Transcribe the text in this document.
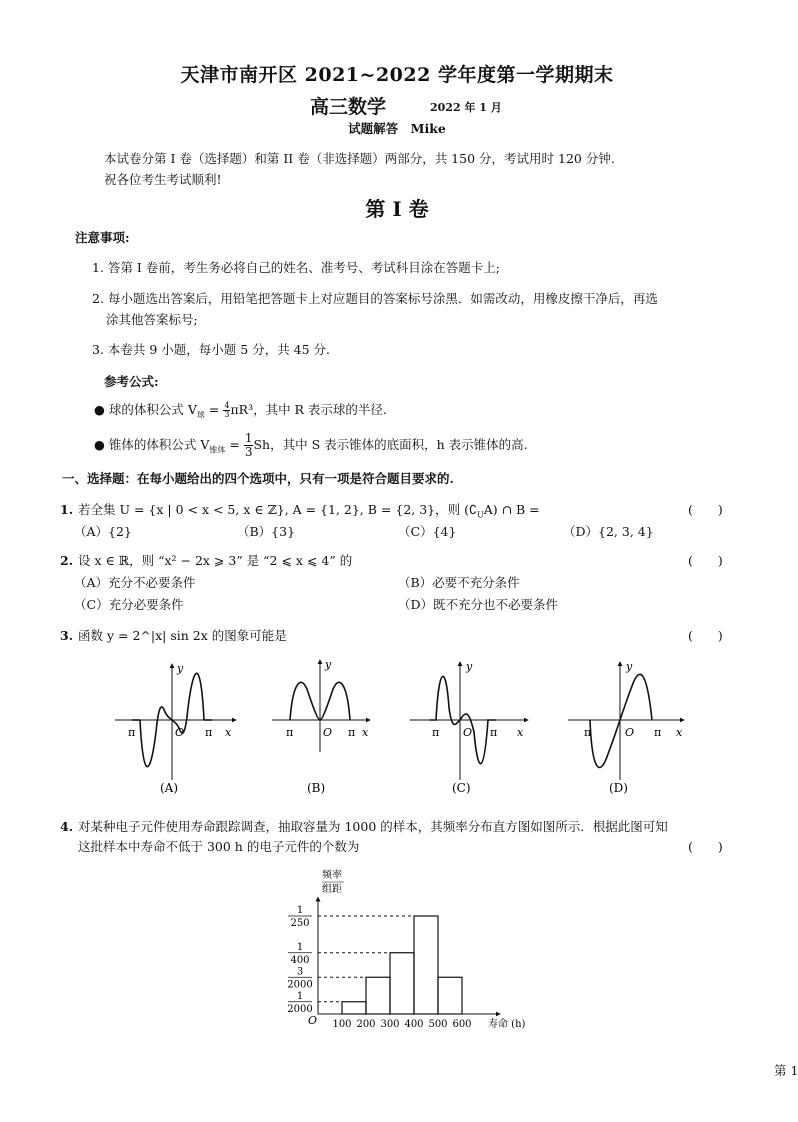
天津市南开区 2021~2022 学年度第一学期期末
高三数学	2022 年 1 月
试题解答　Mike
本试卷分第 I 卷（选择题）和第 II 卷（非选择题）两部分，共 150 分，考试用时 120 分钟.
祝各位考生考试顺利!
第 I 卷
注意事项:
1. 答第 I 卷前，考生务必将自己的姓名、准考号、考试科目涂在答题卡上;
2. 每小题选出答案后，用铅笔把答题卡上对应题目的答案标号涂黑．如需改动，用橡皮擦干净后，再选
涂其他答案标号;
3. 本卷共 9 小题，每小题 5 分，共 45 分.
参考公式:
● 球的体积公式 $V_球 = \frac{4}{3} \pi R^3$，其中 R 表示球的半径.
● 锥体的体积公式 $V_{锥体} = \frac{1}{3}$ Sh，其中 S 表示锥体的底面积，h 表示锥体的高.
一、选择题：在每小题给出的四个选项中，只有一项是符合题目要求的.
1. 若全集 U = {x | 0 < x < 5, x ∈ ℤ}, A = {1, 2}, B = {2, 3}，则 $(∁_UA)$ ∩ B =	(　　)
（A）{2}	（B）{3}	（C）{4}	（D）{2, 3, 4}
2. 设 x ∈ ℝ，则 “x² − 2x ⩾ 3” 是 “2 ⩽ x ⩽ 4” 的	(　　)
（A）充分不必要条件	（B）必要不充分条件
（C）充分必要条件	（D）既不充分也不必要条件
3. 函数 y = 2^|x| sin 2x 的图象可能是	(　　)
π	π
O
y
x
(A)
π	π
O
y
x
(B)
π	π
O
y
x
(C)
π	π
O
y
x
(D)
4. 对某种电子元件使用寿命跟踪调查，抽取容量为 1000 的样本，其频率分布直方图如图所示．根据此图可知
这批样本中寿命不低于 300 h 的电子元件的个数为	(　　)
1
2000
3
2000
1
400
1
250
100 200 300 400 500 600
O	寿命 (h)
频率
组距
第 1
